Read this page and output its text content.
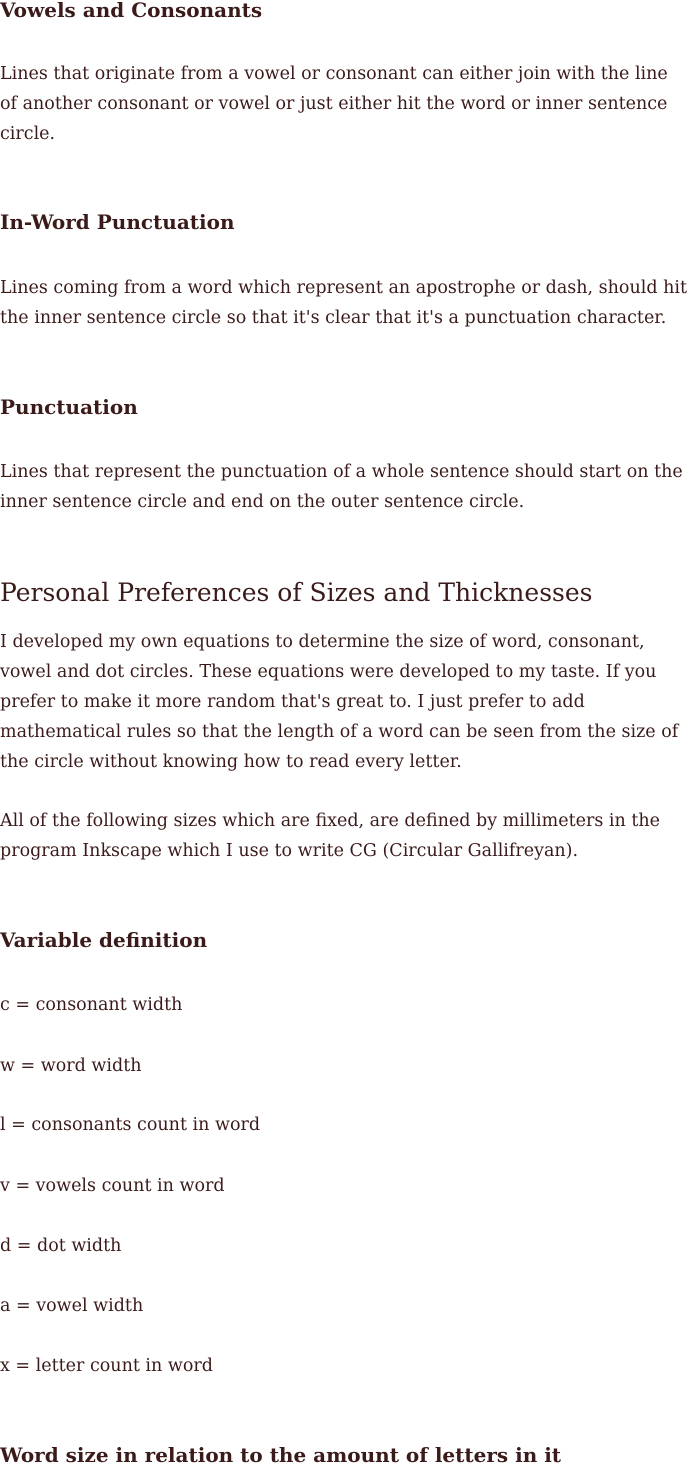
Vowels and Consonants

Lines that originate from a vowel or consonant can either join with the line
of another consonant or vowel or just either hit the word or inner sentence
circle.

In-Word Punctuation

Lines coming from a word which represent an apostrophe or dash, should hit
the inner sentence circle so that it's clear that it's a punctuation character.

Punctuation

Lines that represent the punctuation of a whole sentence should start on the
inner sentence circle and end on the outer sentence circle.

Personal Preferences of Sizes and Thicknesses

I developed my own equations to determine the size of word, consonant,
vowel and dot circles. These equations were developed to my taste. If you
prefer to make it more random that's great to. I just prefer to add
mathematical rules so that the length of a word can be seen from the size of
the circle without knowing how to read every letter.

All of the following sizes which are fixed, are defined by millimeters in the
program Inkscape which I use to write CG (Circular Gallifreyan).

Variable definition

c = consonant width

w = word width

l = consonants count in word

v = vowels count in word

d = dot width

a = vowel width

x = letter count in word

Word size in relation to the amount of letters in it
